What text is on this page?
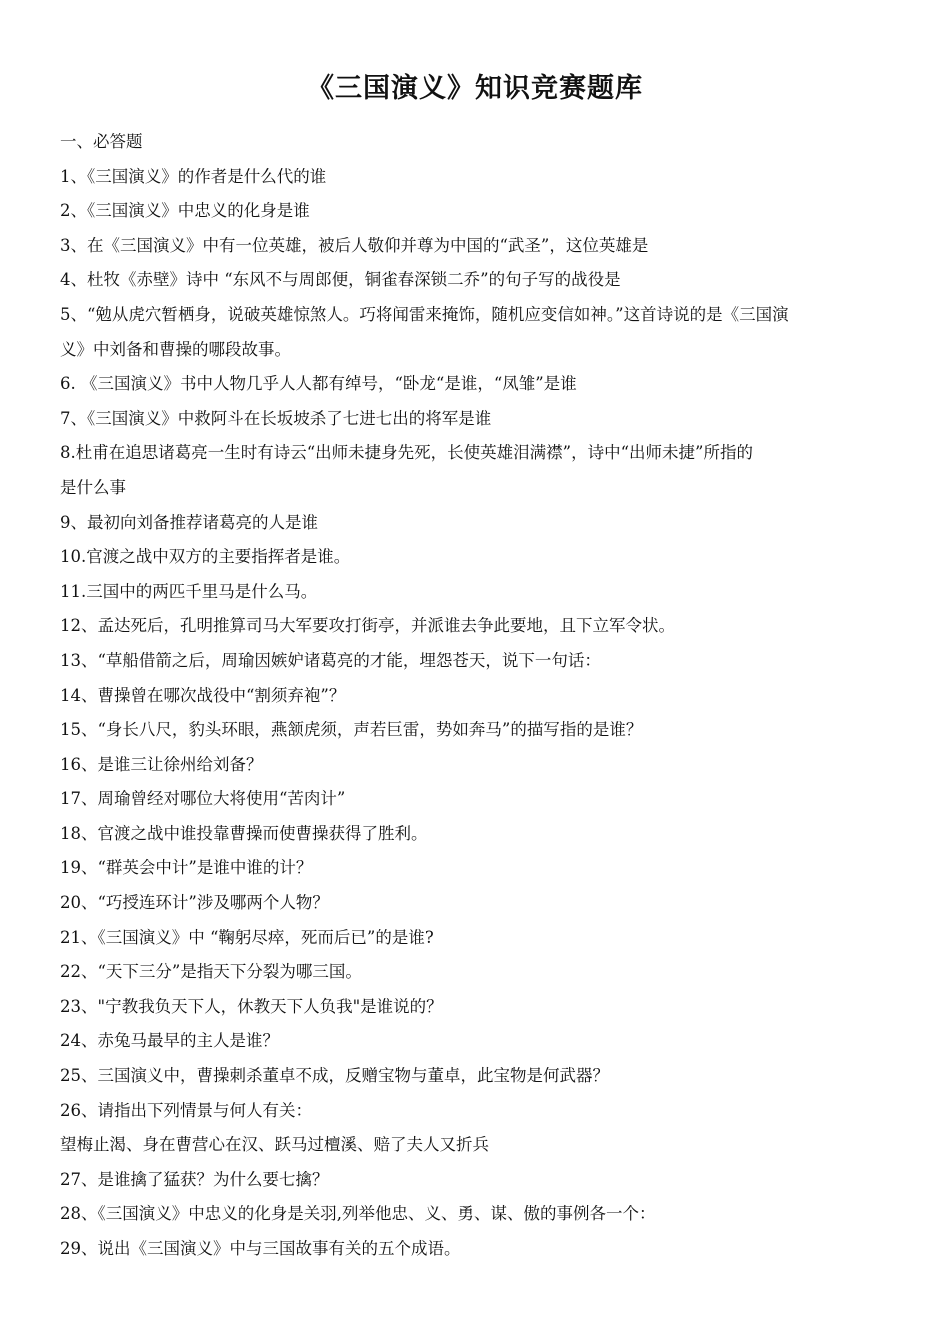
《三国演义》知识竞赛题库
一、必答题
1、《三国演义》的作者是什么代的谁
2、《三国演义》中忠义的化身是谁
3、在《三国演义》中有一位英雄，被后人敬仰并尊为中国的“武圣”，这位英雄是
4、杜牧《赤壁》诗中 “东风不与周郎便，铜雀春深锁二乔”的句子写的战役是
5、“勉从虎穴暂栖身，说破英雄惊煞人。巧将闻雷来掩饰，随机应变信如神。”这首诗说的是《三国演
义》中刘备和曹操的哪段故事。
6. 《三国演义》书中人物几乎人人都有绰号，“卧龙“是谁，“凤雏”是谁
7、《三国演义》中救阿斗在长坂坡杀了七进七出的将军是谁
8.杜甫在追思诸葛亮一生时有诗云“出师未捷身先死，长使英雄泪满襟”，诗中“出师未捷”所指的
是什么事
9、最初向刘备推荐诸葛亮的人是谁
10.官渡之战中双方的主要指挥者是谁。
11.三国中的两匹千里马是什么马。
12、孟达死后，孔明推算司马大军要攻打街亭，并派谁去争此要地，且下立军令状。
13、“草船借箭之后，周瑜因嫉妒诸葛亮的才能，埋怨苍天，说下一句话：
14、曹操曾在哪次战役中“割须弃袍”？
15、“身长八尺，豹头环眼，燕颔虎须，声若巨雷，势如奔马”的描写指的是谁？
16、是谁三让徐州给刘备？
17、周瑜曾经对哪位大将使用“苦肉计”
18、官渡之战中谁投靠曹操而使曹操获得了胜利。
19、“群英会中计”是谁中谁的计？
20、“巧授连环计”涉及哪两个人物？
21、《三国演义》中 “鞠躬尽瘁，死而后已”的是谁?
22、“天下三分”是指天下分裂为哪三国。
23、"宁教我负天下人，休教天下人负我"是谁说的？
24、赤兔马最早的主人是谁？
25、三国演义中，曹操刺杀董卓不成，反赠宝物与董卓，此宝物是何武器？
26、请指出下列情景与何人有关：
望梅止渴、身在曹营心在汉、跃马过檀溪、赔了夫人又折兵
27、是谁擒了猛获？为什么要七擒？
28、《三国演义》中忠义的化身是关羽,列举他忠、义、勇、谋、傲的事例各一个：
29、说出《三国演义》中与三国故事有关的五个成语。
